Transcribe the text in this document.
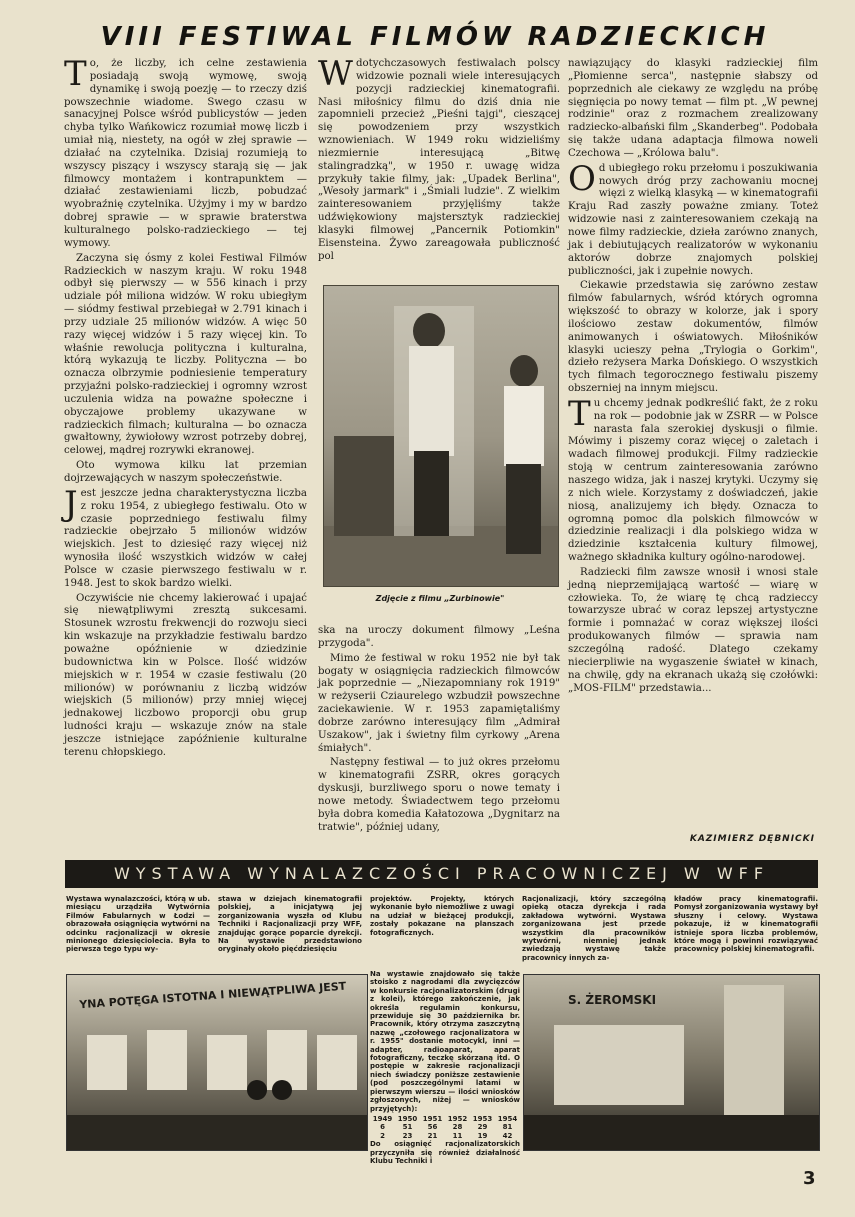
VIII FESTIWAL FILMÓW RADZIECKICH

To, że liczby, ich celne zestawienia posiadają swoją wymowę, swoją dynamikę i swoją poezję — to rzeczy dziś powszechnie wiadome. Swego czasu w sanacyjnej Polsce wśród publicystów — jeden chyba tylko Wańkowicz rozumiał mowę liczb i umiał nią, niestety, na ogół w złej sprawie — działać na czytelnika. Dzisiaj rozumieją to wszyscy piszący i wszyscy starają się — jak filmowcy montażem i kontrapunktem — działać zestawieniami liczb, pobudzać wyobraźnię czytelnika. Użyjmy i my w bardzo dobrej sprawie — w sprawie braterstwa kulturalnego polsko-radzieckiego — tej wymowy.

Zaczyna się ósmy z kolei Festiwal Filmów Radzieckich w naszym kraju. W roku 1948 odbył się pierwszy — w 556 kinach i przy udziale pół miliona widzów. W roku ubiegłym — siódmy festiwal przebiegał w 2.791 kinach i przy udziale 25 milionów widzów. A więc 50 razy więcej widzów i 5 razy więcej kin. To właśnie rewolucja polityczna i kulturalna, którą wykazują te liczby. Polityczna — bo oznacza olbrzymie podniesienie temperatury przyjaźni polsko-radzieckiej i ogromny wzrost uczulenia widza na poważne społeczne i obyczajowe problemy ukazywane w radzieckich filmach; kulturalna — bo oznacza gwałtowny, żywiołowy wzrost potrzeby dobrej, celowej, mądrej rozrywki ekranowej.

Oto wymowa kilku lat przemian dojrzewających w naszym społeczeństwie.

Jest jeszcze jedna charakterystyczna liczba z roku 1954, z ubiegłego festiwalu. Oto w czasie poprzedniego festiwalu filmy radzieckie obejrzało 5 milionów widzów wiejskich. Jest to dziesięć razy więcej niż wynosiła ilość wszystkich widzów w całej Polsce w czasie pierwszego festiwalu w r. 1948. Jest to skok bardzo wielki.

Oczywiście nie chcemy lakierować i upajać się niewątpliwymi zresztą sukcesami. Stosunek wzrostu frekwencji do rozwoju sieci kin wskazuje na przykładzie festiwalu bardzo poważne opóźnienie w dziedzinie budownictwa kin w Polsce. Ilość widzów miejskich w r. 1954 w czasie festiwalu (20 milionów) w porównaniu z liczbą widzów wiejskich (5 milionów) przy mniej więcej jednakowej liczbowo proporcji obu grup ludności kraju — wskazuje znów na stale jeszcze istniejące zapóźnienie kulturalne terenu chłopskiego.

Wdotychczasowych festiwalach polscy widzowie poznali wiele interesujących pozycji radzieckiej kinematografii. Nasi miłośnicy filmu do dziś dnia nie zapomnieli przecież „Pieśni tajgi", cieszącej się powodzeniem przy wszystkich wznowieniach. W 1949 roku widzieliśmy niezmiernie interesującą „Bitwę stalingradzką", w 1950 r. uwagę widza przykuły takie filmy, jak: „Upadek Berlina", „Wesoły jarmark" i „Śmiali ludzie". Z wielkim zainteresowaniem przyjęliśmy także udźwiękowiony majstersztyk radzieckiej klasyki filmowej „Pancernik Potiomkin" Eisensteina. Żywo zareagowała publiczność pol

Zdjęcie z filmu „Zurbinowie"

ska na uroczy dokument filmowy „Leśna przygoda".

Mimo że festiwal w roku 1952 nie był tak bogaty w osiągnięcia radzieckich filmowców jak poprzednie — „Niezapomniany rok 1919" w reżyserii Cziaurelego wzbudził powszechne zaciekawienie. W r. 1953 zapamiętaliśmy dobrze zarówno interesujący film „Admirał Uszakow", jak i świetny film cyrkowy „Arena śmiałych".

Następny festiwal — to już okres przełomu w kinematografii ZSRR, okres gorących dyskusji, burzliwego sporu o nowe tematy i nowe metody. Świadectwem tego przełomu była dobra komedia Kałatozowa „Dygnitarz na tratwie", później udany,

nawiązujący do klasyki radzieckiej film „Płomienne serca", następnie słabszy od poprzednich ale ciekawy ze względu na próbę sięgnięcia po nowy temat — film pt. „W pewnej rodzinie" oraz z rozmachem zrealizowany radziecko-albański film „Skanderbeg". Podobała się także udana adaptacja filmowa noweli Czechowa — „Królowa balu".

Od ubiegłego roku przełomu i poszukiwania nowych dróg przy zachowaniu mocnej więzi z wielką klasyką — w kinematografii Kraju Rad zaszły poważne zmiany. Toteż widzowie nasi z zainteresowaniem czekają na nowe filmy radzieckie, dzieła zarówno znanych, jak i debiutujących realizatorów w wykonaniu aktorów dobrze znajomych polskiej publiczności, jak i zupełnie nowych.

Ciekawie przedstawia się zarówno zestaw filmów fabularnych, wśród których ogromna większość to obrazy w kolorze, jak i spory ilościowo zestaw dokumentów, filmów animowanych i oświatowych. Miłośników klasyki ucieszy pełna „Trylogia o Gorkim", dzieło reżysera Marka Dońskiego. O wszystkich tych filmach tegorocznego festiwalu piszemy obszerniej na innym miejscu.

Tu chcemy jednak podkreślić fakt, że z roku na rok — podobnie jak w ZSRR — w Polsce narasta fala szerokiej dyskusji o filmie. Mówimy i piszemy coraz więcej o zaletach i wadach filmowej produkcji. Filmy radzieckie stoją w centrum zainteresowania zarówno naszego widza, jak i naszej krytyki. Uczymy się z nich wiele. Korzystamy z doświadczeń, jakie niosą, analizujemy ich błędy. Oznacza to ogromną pomoc dla polskich filmowców w dziedzinie realizacji i dla polskiego widza w dziedzinie kształcenia kultury filmowej, ważnego składnika kultury ogólno-narodowej.

Radziecki film zawsze wnosił i wnosi stale jedną nieprzemijającą wartość — wiarę w człowieka. To, że wiarę tę chcą radzieccy towarzysze ubrać w coraz lepszej artystyczne formie i pomnażać w coraz większej ilości produkowanych filmów — sprawia nam szczególną radość. Dlatego czekamy niecierpliwie na wygaszenie świateł w kinach, na chwilę, gdy na ekranach ukażą się czołówki: „MOS-FILM" przedstawia...

KAZIMIERZ DĘBNICKI
WYSTAWA WYNALAZCZOŚCI PRACOWNICZEJ W WFF
Wystawa wynalazczości, którą w ub. miesiącu urządziła Wytwórnia Filmów Fabularnych w Łodzi — obrazowała osiągnięcia wytwórni na odcinku racjonalizacji w okresie minionego dziesięciolecia. Była to pierwsza tego typu wy-
stawa w dziejach kinematografii polskiej, a inicjatywą jej zorganizowania wyszła od Klubu Techniki i Racjonalizacji przy WFF, znajdując gorące poparcie dyrekcji. Na wystawie przedstawiono oryginały około pięćdziesięciu
projektów. Projekty, których wykonanie było niemożliwe z uwagi na udział w bieżącej produkcji, zostały pokazane na planszach fotograficznych.
Na wystawie znajdowało się także stoisko z nagrodami dla zwycięzców w konkursie racjonalizatorskim (drugi z kolei), którego zakończenie, jak określa regulamin konkursu, przewiduje się 30 października br. Pracownik, który otrzyma zaszczytną nazwę „czołowego racjonalizatora w r. 1955" dostanie motocykl, inni — adapter, radioaparat, aparat fotograficzny, teczkę skórzaną itd. O postępie w zakresie racjonalizacji niech świadczy poniższe zestawienie (pod poszczególnymi latami w pierwszym wierszu — ilości wniosków zgłoszonych, niżej — wniosków przyjętych):
1949	1950	1951	1952	1953	1954
6	51	56	28	29	81
2	23	21	11	19	42
Do osiągnięć racjonalizatorskich przyczyniła się również działalność Klubu Techniki i
Racjonalizacji, który szczególną opieką otacza dyrekcja i rada zakładowa wytwórni. Wystawa zorganizowana jest przede wszystkim dla pracowników wytwórni, niemniej jednak zwiedzają wystawę także pracownicy innych za-
kładów pracy kinematografii. Pomysł zorganizowania wystawy był słuszny i celowy. Wystawa pokazuje, iż w kinematografii istnieje spora liczba problemów, które mogą i powinni rozwiązywać pracownicy polskiej kinematografii.
YNA POTĘGA ISTOTNA I NIEWĄTPLIWA JEST	S. ŻEROMSKI
3
